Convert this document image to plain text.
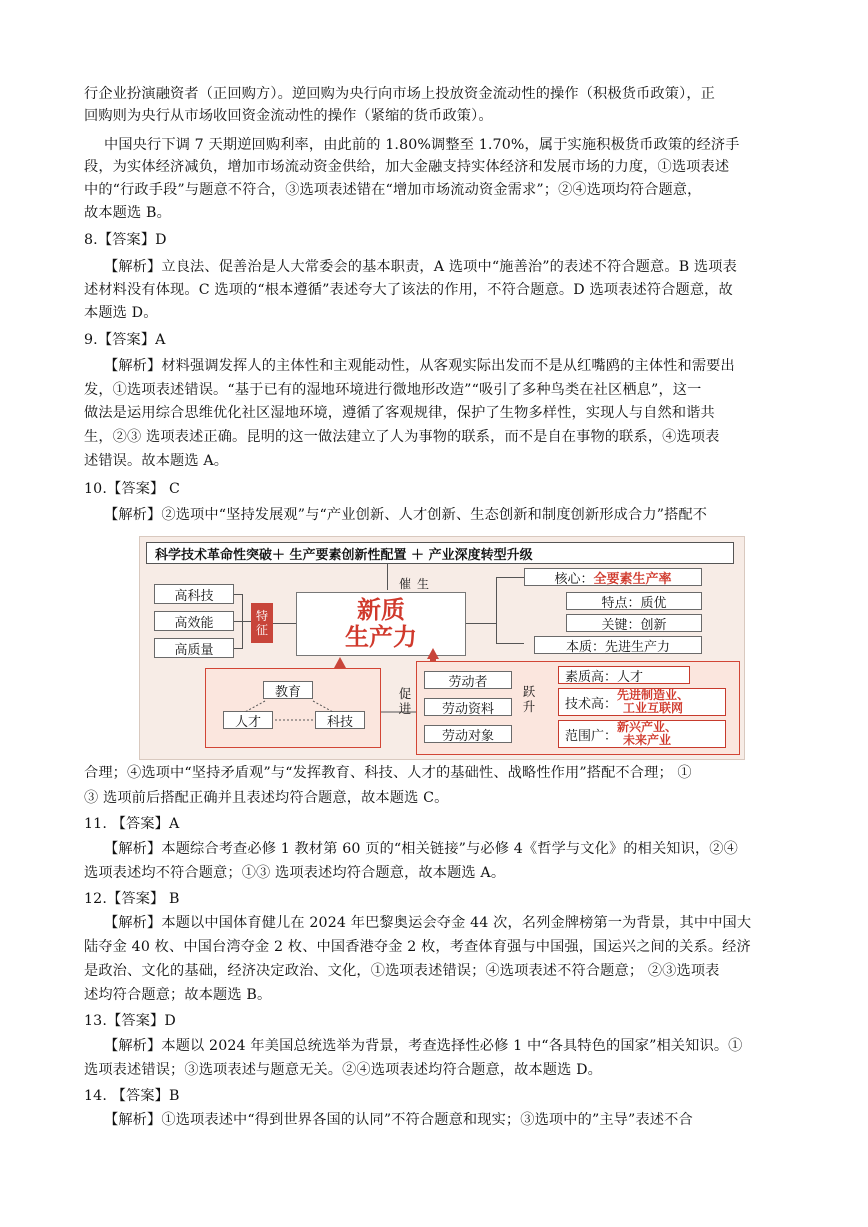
科学技术革命性突破＋ 生产要素创新性配置 ＋ 产业深度转型升级
催生
新质
生产力
高科技
高效能
高质量
特征
核心： 全要素生产率
特点： 质优
关键： 创新
本质： 先进生产力
教育
人才	科技
促进
劳动者
劳动资料
劳动对象
跃升
素质高： 人才
技术高：
先进制造业、
工业互联网
范围广：
新兴产业、
未来产业
行企业扮演融资者（正回购方）。逆回购为央行向市场上投放资金流动性的操作（积极货币政策），正
回购则为央行从市场收回资金流动性的操作（紧缩的货币政策）。
中国央行下调 7 天期逆回购利率，由此前的 1.80%调整至 1.70%，属于实施积极货币政策的经济手
段，为实体经济减负，增加市场流动资金供给，加大金融支持实体经济和发展市场的力度，①选项表述
中的“行政手段”与题意不符合，③选项表述错在“增加市场流动资金需求”；②④选项均符合题意，
故本题选 B。
8.【答案】D
【解析】立良法、促善治是人大常委会的基本职责，A 选项中“施善治”的表述不符合题意。B 选项表
述材料没有体现。C 选项的“根本遵循”表述夸大了该法的作用，不符合题意。D 选项表述符合题意，故
本题选 D。
9.【答案】A
【解析】材料强调发挥人的主体性和主观能动性，从客观实际出发而不是从红嘴鸥的主体性和需要出
发，①选项表述错误。“基于已有的湿地环境进行微地形改造”“吸引了多种鸟类在社区栖息”，这一
做法是运用综合思维优化社区湿地环境，遵循了客观规律，保护了生物多样性，实现人与自然和谐共
生，②③ 选项表述正确。昆明的这一做法建立了人为事物的联系，而不是自在事物的联系，④选项表
述错误。故本题选 A。
10.【答案】 C
【解析】②选项中“坚持发展观”与“产业创新、人才创新、生态创新和制度创新形成合力”搭配不
合理；④选项中“坚持矛盾观”与“发挥教育、科技、人才的基础性、战略性作用”搭配不合理； ①
③ 选项前后搭配正确并且表述均符合题意，故本题选 C。
11. 【答案】A
【解析】本题综合考查必修 1 教材第 60 页的“相关链接”与必修 4《哲学与文化》的相关知识，②④
选项表述均不符合题意；①③ 选项表述均符合题意，故本题选 A。
12.【答案】 B
【解析】本题以中国体育健儿在 2024 年巴黎奥运会夺金 44 次，名列金牌榜第一为背景，其中中国大
陆夺金 40 枚、中国台湾夺金 2 枚、中国香港夺金 2 枚，考查体育强与中国强，国运兴之间的关系。经济
是政治、文化的基础，经济决定政治、文化，①选项表述错误；④选项表述不符合题意； ②③选项表
述均符合题意；故本题选 B。
13.【答案】D
【解析】本题以 2024 年美国总统选举为背景，考查选择性必修 1 中“各具特色的国家”相关知识。①
选项表述错误；③选项表述与题意无关。②④选项表述均符合题意，故本题选 D。
14. 【答案】B
【解析】①选项表述中“得到世界各国的认同”不符合题意和现实；③选项中的”主导”表述不合
